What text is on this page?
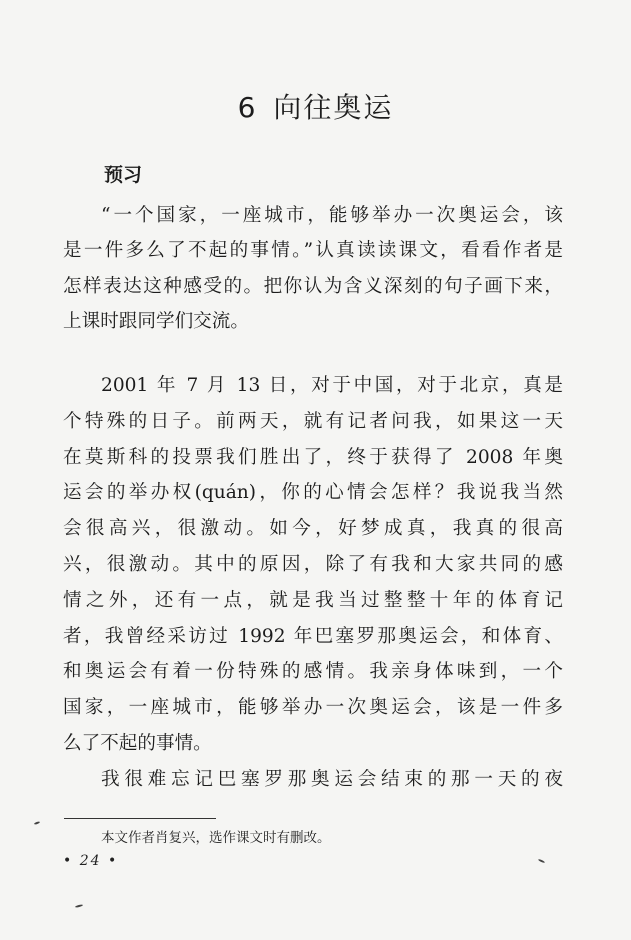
6 向往奥运
预习
“一个国家，一座城市，能够举办一次奥运会，该
是一件多么了不起的事情。”认真读读课文，看看作者是
怎样表达这种感受的。把你认为含义深刻的句子画下来，
上课时跟同学们交流。
2001 年 7 月 13 日，对于中国，对于北京，真是
个特殊的日子。前两天，就有记者问我，如果这一天
在莫斯科的投票我们胜出了，终于获得了 2008 年奥
运会的举办权(quán)，你的心情会怎样？我说我当然
会很高兴，很激动。如今，好梦成真，我真的很高
兴，很激动。其中的原因，除了有我和大家共同的感
情之外，还有一点，就是我当过整整十年的体育记
者，我曾经采访过 1992 年巴塞罗那奥运会，和体育、
和奥运会有着一份特殊的感情。我亲身体味到，一个
国家，一座城市，能够举办一次奥运会，该是一件多
么了不起的事情。
我很难忘记巴塞罗那奥运会结束的那一天的夜
本文作者肖复兴，选作课文时有删改。
• 24 •
